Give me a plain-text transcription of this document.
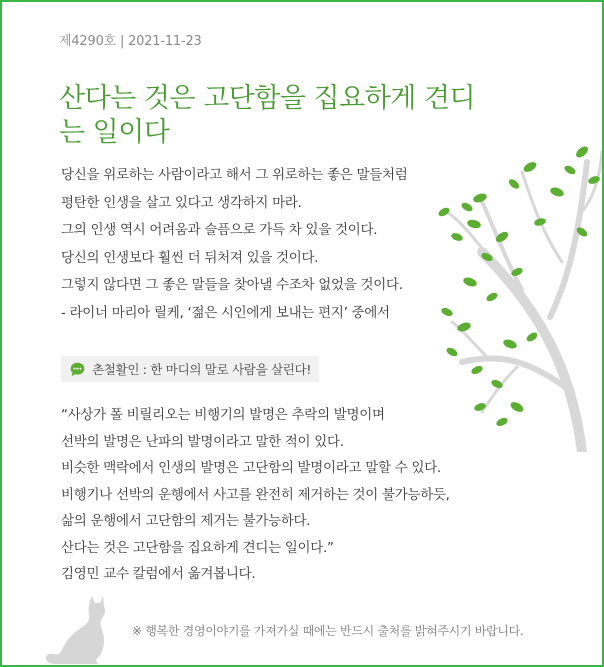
제4290호 | 2021-11-23
산다는 것은 고단함을 집요하게 견디는 일이다
당신을 위로하는 사람이라고 해서 그 위로하는 좋은 말들처럼
평탄한 인생을 살고 있다고 생각하지 마라.
그의 인생 역시 어려움과 슬픔으로 가득 차 있을 것이다.
당신의 인생보다 훨씬 더 뒤처져 있을 것이다.
그렇지 않다면 그 좋은 말들을 찾아낼 수조차 없었을 것이다.
- 라이너 마리아 릴케, ‘젊은 시인에게 보내는 편지’ 중에서
촌철활인 : 한 마디의 말로 사람을 살린다!
“사상가 폴 비릴리오는 비행기의 발명은 추락의 발명이며
선박의 발명은 난파의 발명이라고 말한 적이 있다.
비슷한 맥락에서 인생의 발명은 고단함의 발명이라고 말할 수 있다.
비행기나 선박의 운행에서 사고를 완전히 제거하는 것이 불가능하듯,
삶의 운행에서 고단함의 제거는 불가능하다.
산다는 것은 고단함을 집요하게 견디는 일이다.”
김영민 교수 칼럼에서 옮겨봅니다.
※ 행복한 경영이야기를 가져가실 때에는 반드시 출처를 밝혀주시기 바랍니다.
